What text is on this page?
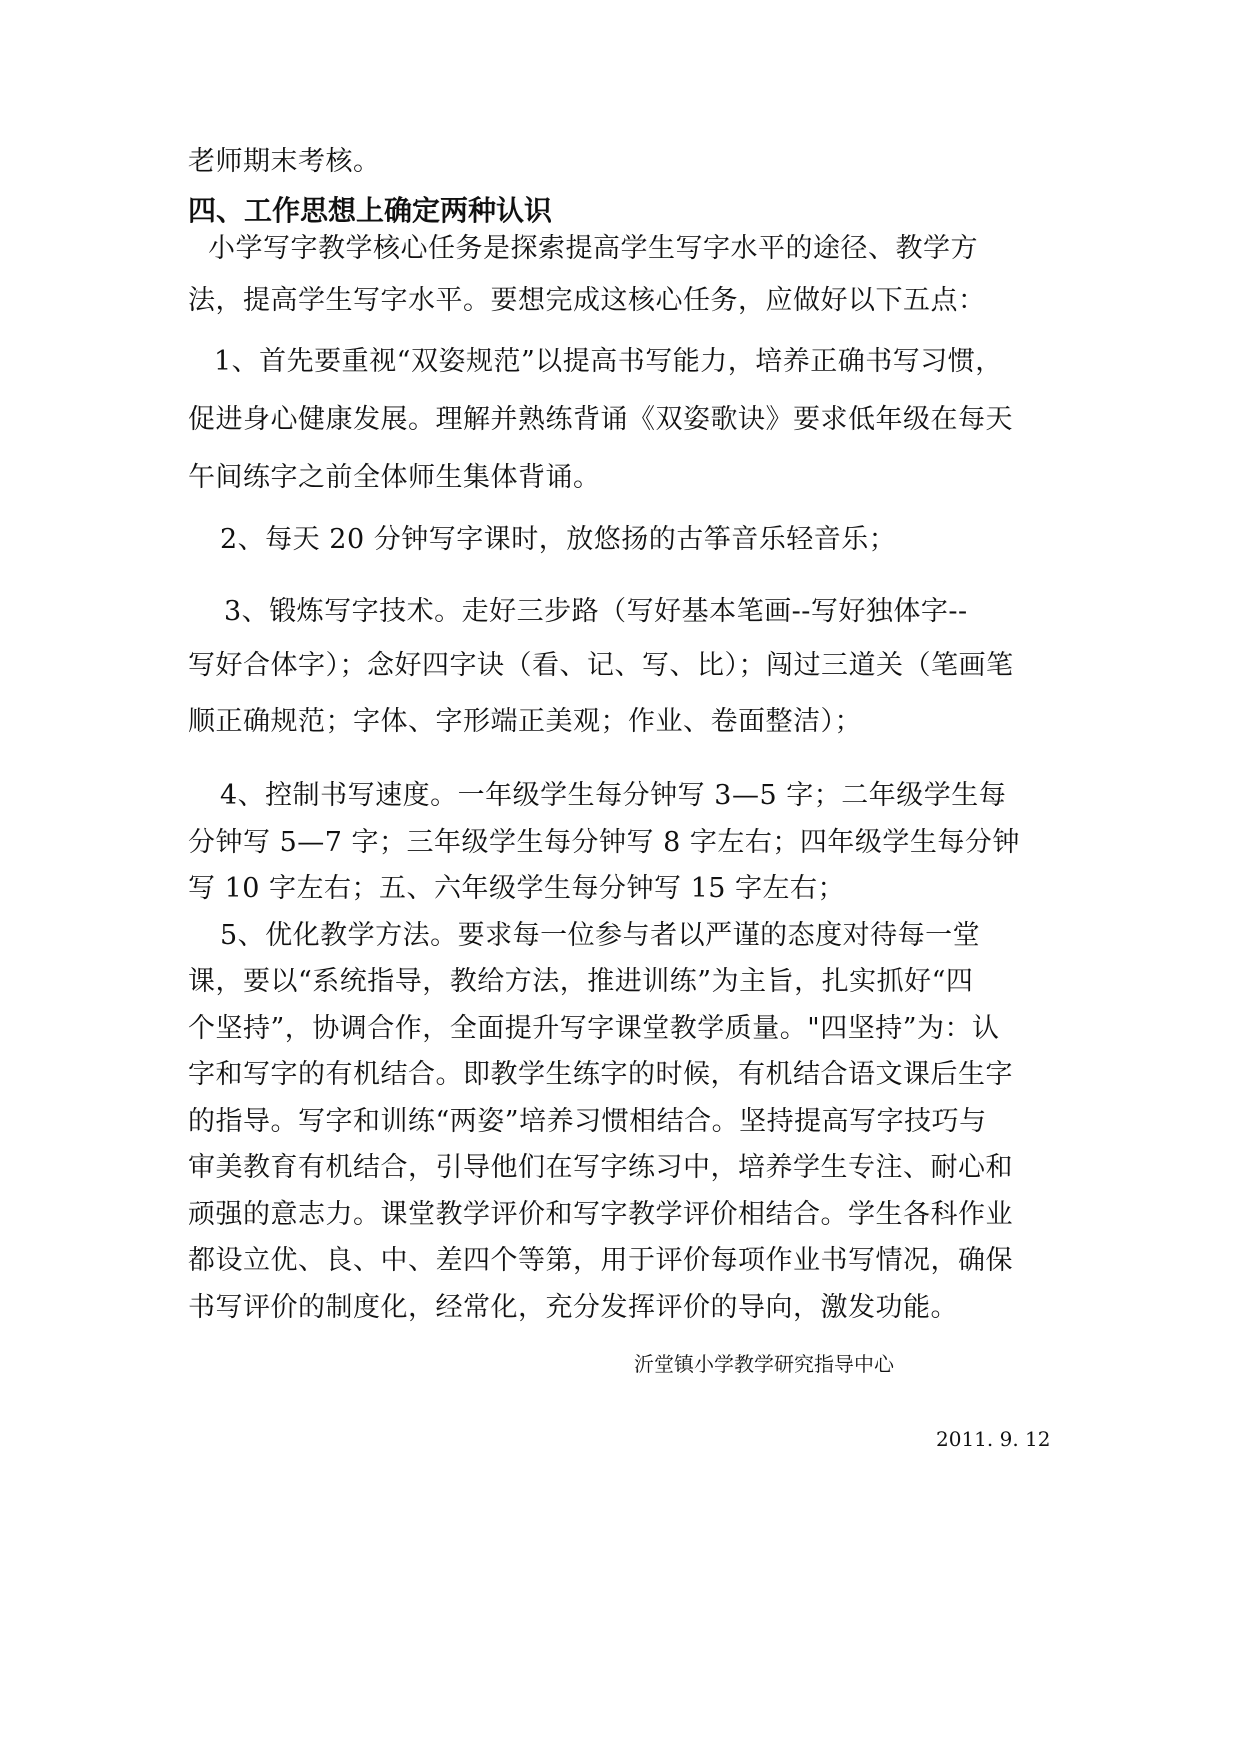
老师期末考核。
四、工作思想上确定两种认识
小学写字教学核心任务是探索提高学生写字水平的途径、教学方
法，提高学生写字水平。要想完成这核心任务，应做好以下五点：
1、首先要重视“双姿规范”以提高书写能力，培养正确书写习惯，
促进身心健康发展。理解并熟练背诵《双姿歌诀》要求低年级在每天
午间练字之前全体师生集体背诵。
2、每天 20 分钟写字课时，放悠扬的古筝音乐轻音乐；
3、锻炼写字技术。走好三步路（写好基本笔画--写好独体字--
写好合体字）；念好四字诀（看、记、写、比）；闯过三道关（笔画笔
顺正确规范；字体、字形端正美观；作业、卷面整洁）；
4、控制书写速度。一年级学生每分钟写 3—5 字；二年级学生每
分钟写 5—7 字；三年级学生每分钟写 8 字左右；四年级学生每分钟
写 10 字左右；五、六年级学生每分钟写 15 字左右；
5、优化教学方法。要求每一位参与者以严谨的态度对待每一堂
课，要以“系统指导，教给方法，推进训练”为主旨，扎实抓好“四
个坚持”，协调合作，全面提升写字课堂教学质量。"四坚持”为：认
字和写字的有机结合。即教学生练字的时候，有机结合语文课后生字
的指导。写字和训练“两姿”培养习惯相结合。坚持提高写字技巧与
审美教育有机结合，引导他们在写字练习中，培养学生专注、耐心和
顽强的意志力。课堂教学评价和写字教学评价相结合。学生各科作业
都设立优、良、中、差四个等第，用于评价每项作业书写情况，确保
书写评价的制度化，经常化，充分发挥评价的导向，激发功能。
沂堂镇小学教学研究指导中心
2011. 9. 12
